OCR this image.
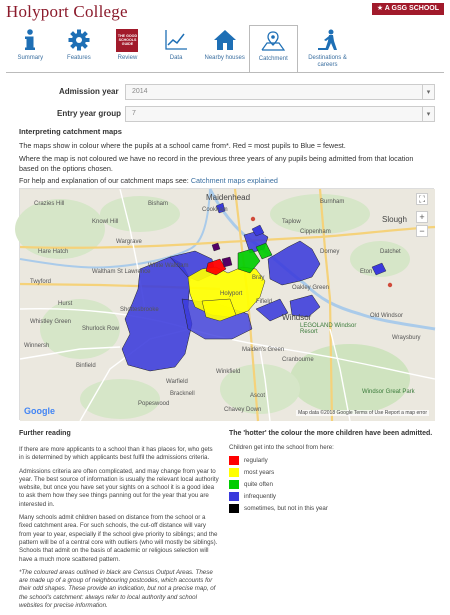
Holyport College	★ A GSG SCHOOL
Summary	Features
THE GOOD SCHOOLS GUIDE
Review	Data	Nearby houses Catchment	Destinations & careers
Admission year	2014	▾
Entry year group	7	▾
Interpreting catchment maps
The maps show in colour where the pupils at a school came from*. Red = most pupils to Blue = fewest.
Where the map is not coloured we have no record in the previous three years of any pupils being admitted from that location based on the options chosen.
For help and explanation of our catchment maps see: Catchment maps explained
Maidenhead
Slough
Cookham
Taplow
Crazies Hill
Knowl Hill
Hare Hatch
Twyford
Waltham St Lawrence
White Waltham
Holyport
Bray
Dorney
Eton
Windsor	Old Windsor
Oakley Green
Fifield
Shottesbrooke
Shurlock Row
Whistley Green
Hurst
Binfield
Warfield
Winkfield
Maiden's Green
Cranbourne
Popeswood
Chavey Down
Windsor Great Park
LEGOLAND Windsor Resort
Wraysbury
Datchet
Burnham
Cippenham
Bisham
Wargrave
Winnersh
Ascot
Bracknell
⛶
+
−
Google	Map data ©2018 Google Terms of Use Report a map error
Further reading

If there are more applicants to a school than it has places for, who gets in is determined by which applicants best fulfil the admissions criteria.

Admissions criteria are often complicated, and may change from year to year. The best source of information is usually the relevant local authority website, but once you have set your sights on a school it is a good idea to ask them how they see things panning out for the year that you are interested in.

Many schools admit children based on distance from the school or a fixed catchment area. For such schools, the cut-off distance will vary from year to year, especially if the school give priority to siblings; and the pattern will be of a central core with outliers (who will mostly be siblings). Schools that admit on the basis of academic or religious selection will have a much more scattered pattern.

*The coloured areas outlined in black are Census Output Areas. These are made up of a group of neighbouring postcodes, which accounts for their odd shapes. These provide an indication, but not a precise map, of the school's catchment: always refer to local authority and school websites for precise information.

The 'hotter' the colour the more children have been admitted.
Children get into the school from here:
regularly
most years
quite often
infrequently
sometimes, but not in this year
